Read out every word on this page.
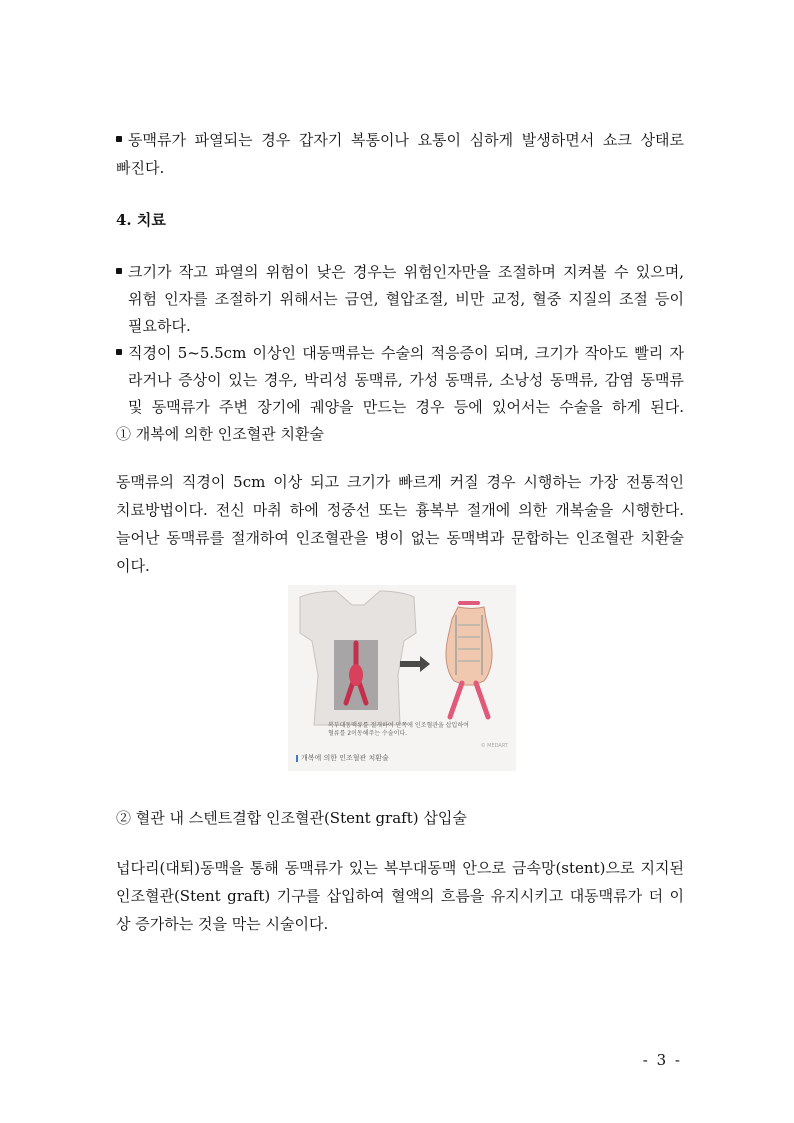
동맥류가 파열되는 경우 갑자기 복통이나 요통이 심하게 발생하면서 쇼크 상태로
빠진다.
4. 치료
크기가 작고 파열의 위험이 낮은 경우는 위험인자만을 조절하며 지켜볼 수 있으며,
위험 인자를 조절하기 위해서는 금연, 혈압조절, 비만 교정, 혈중 지질의 조절 등이
필요하다.
직경이 5~5.5cm 이상인 대동맥류는 수술의 적응증이 되며, 크기가 작아도 빨리 자
라거나 증상이 있는 경우, 박리성 동맥류, 가성 동맥류, 소낭성 동맥류, 감염 동맥류
및 동맥류가 주변 장기에 궤양을 만드는 경우 등에 있어서는 수술을 하게 된다.
① 개복에 의한 인조혈관 치환술
동맥류의 직경이 5cm 이상 되고 크기가 빠르게 커질 경우 시행하는 가장 전통적인
치료방법이다. 전신 마취 하에 정중선 또는 흉복부 절개에 의한 개복술을 시행한다.
늘어난 동맥류를 절개하여 인조혈관을 병이 없는 동맥벽과 문합하는 인조혈관 치환술
이다.
복부대동맥류를 절개하여 안쪽에 인조혈관을 삽입하여
혈류를 2이동해주는 수술이다.
© MEDART
개복에 의한 인조혈관 치환술
② 혈관 내 스텐트결합 인조혈관(Stent graft) 삽입술
넙다리(대퇴)동맥을 통해 동맥류가 있는 복부대동맥 안으로 금속망(stent)으로 지지된
인조혈관(Stent graft) 기구를 삽입하여 혈액의 흐름을 유지시키고 대동맥류가 더 이
상 증가하는 것을 막는 시술이다.
- 3 -
